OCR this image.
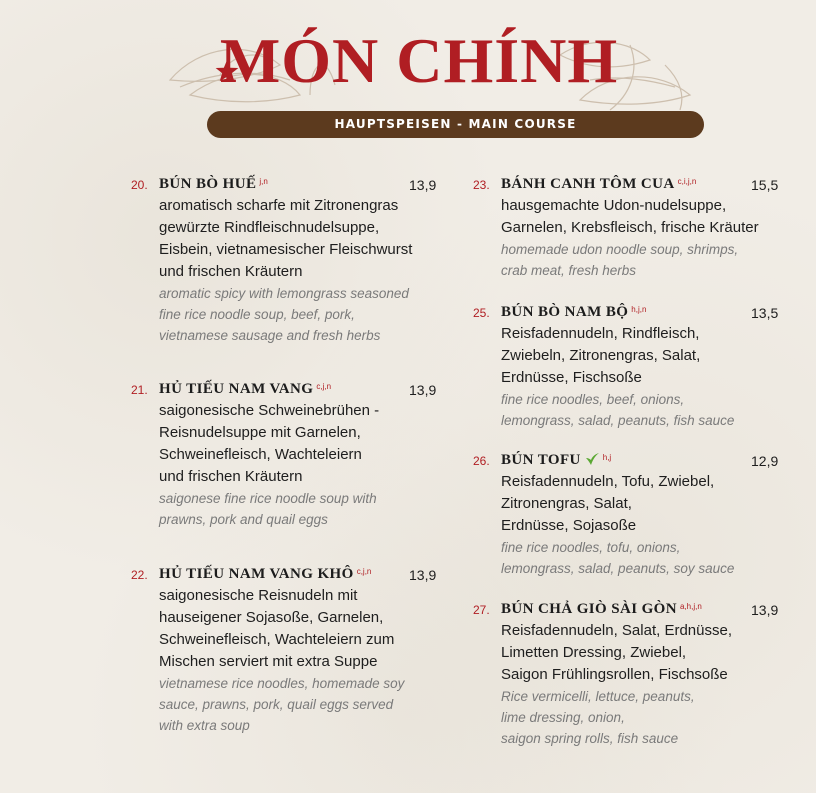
MÓN CHÍNH
HAUPTSPEISEN - MAIN COURSE
20. BÚN BÒ HUẾ $^{j,n}$	13,9
aromatisch scharfe mit Zitronengras
gewürzte Rindfleischnudelsuppe,
Eisbein, vietnamesischer Fleischwurst
und frischen Kräutern
aromatic spicy with lemongrass seasoned
fine rice noodle soup, beef, pork,
vietnamese sausage and fresh herbs
21. HỦ TIẾU NAM VANG $^{c,j,n}$	13,9
saigonesische Schweinebrühen -
Reisnudelsuppe mit Garnelen,
Schweinefleisch, Wachteleiern
und frischen Kräutern
saigonese fine rice noodle soup with
prawns, pork and quail eggs
22. HỦ TIẾU NAM VANG KHÔ $^{c,j,n}$	13,9
saigonesische Reisnudeln mit
hauseigener Sojasoße, Garnelen,
Schweinefleisch, Wachteleiern zum
Mischen serviert mit extra Suppe
vietnamese rice noodles, homemade soy
sauce, prawns, pork, quail eggs served
with extra soup
23. BÁNH CANH TÔM CUA $^{c,i,j,n}$	15,5
hausgemachte Udon-nudelsuppe,
Garnelen, Krebsfleisch, frische Kräuter
homemade udon noodle soup, shrimps,
crab meat, fresh herbs
25. BÚN BÒ NAM BỘ $^{h,j,n}$	13,5
Reisfadennudeln, Rindfleisch,
Zwiebeln, Zitronengras, Salat,
Erdnüsse, Fischsoße
fine rice noodles, beef, onions,
lemongrass, salad, peanuts, fish sauce
26. BÚN TOFU	$^{h,j}$	12,9
Reisfadennudeln, Tofu, Zwiebel,
Zitronengras, Salat,
Erdnüsse, Sojasoße
fine rice noodles, tofu, onions,
lemongrass, salad, peanuts, soy sauce
27. BÚN CHẢ GIÒ SÀI GÒN $^{a,h,j,n}$	13,9
Reisfadennudeln, Salat, Erdnüsse,
Limetten Dressing, Zwiebel,
Saigon Frühlingsrollen, Fischsoße
Rice vermicelli, lettuce, peanuts,
lime dressing, onion,
saigon spring rolls, fish sauce
